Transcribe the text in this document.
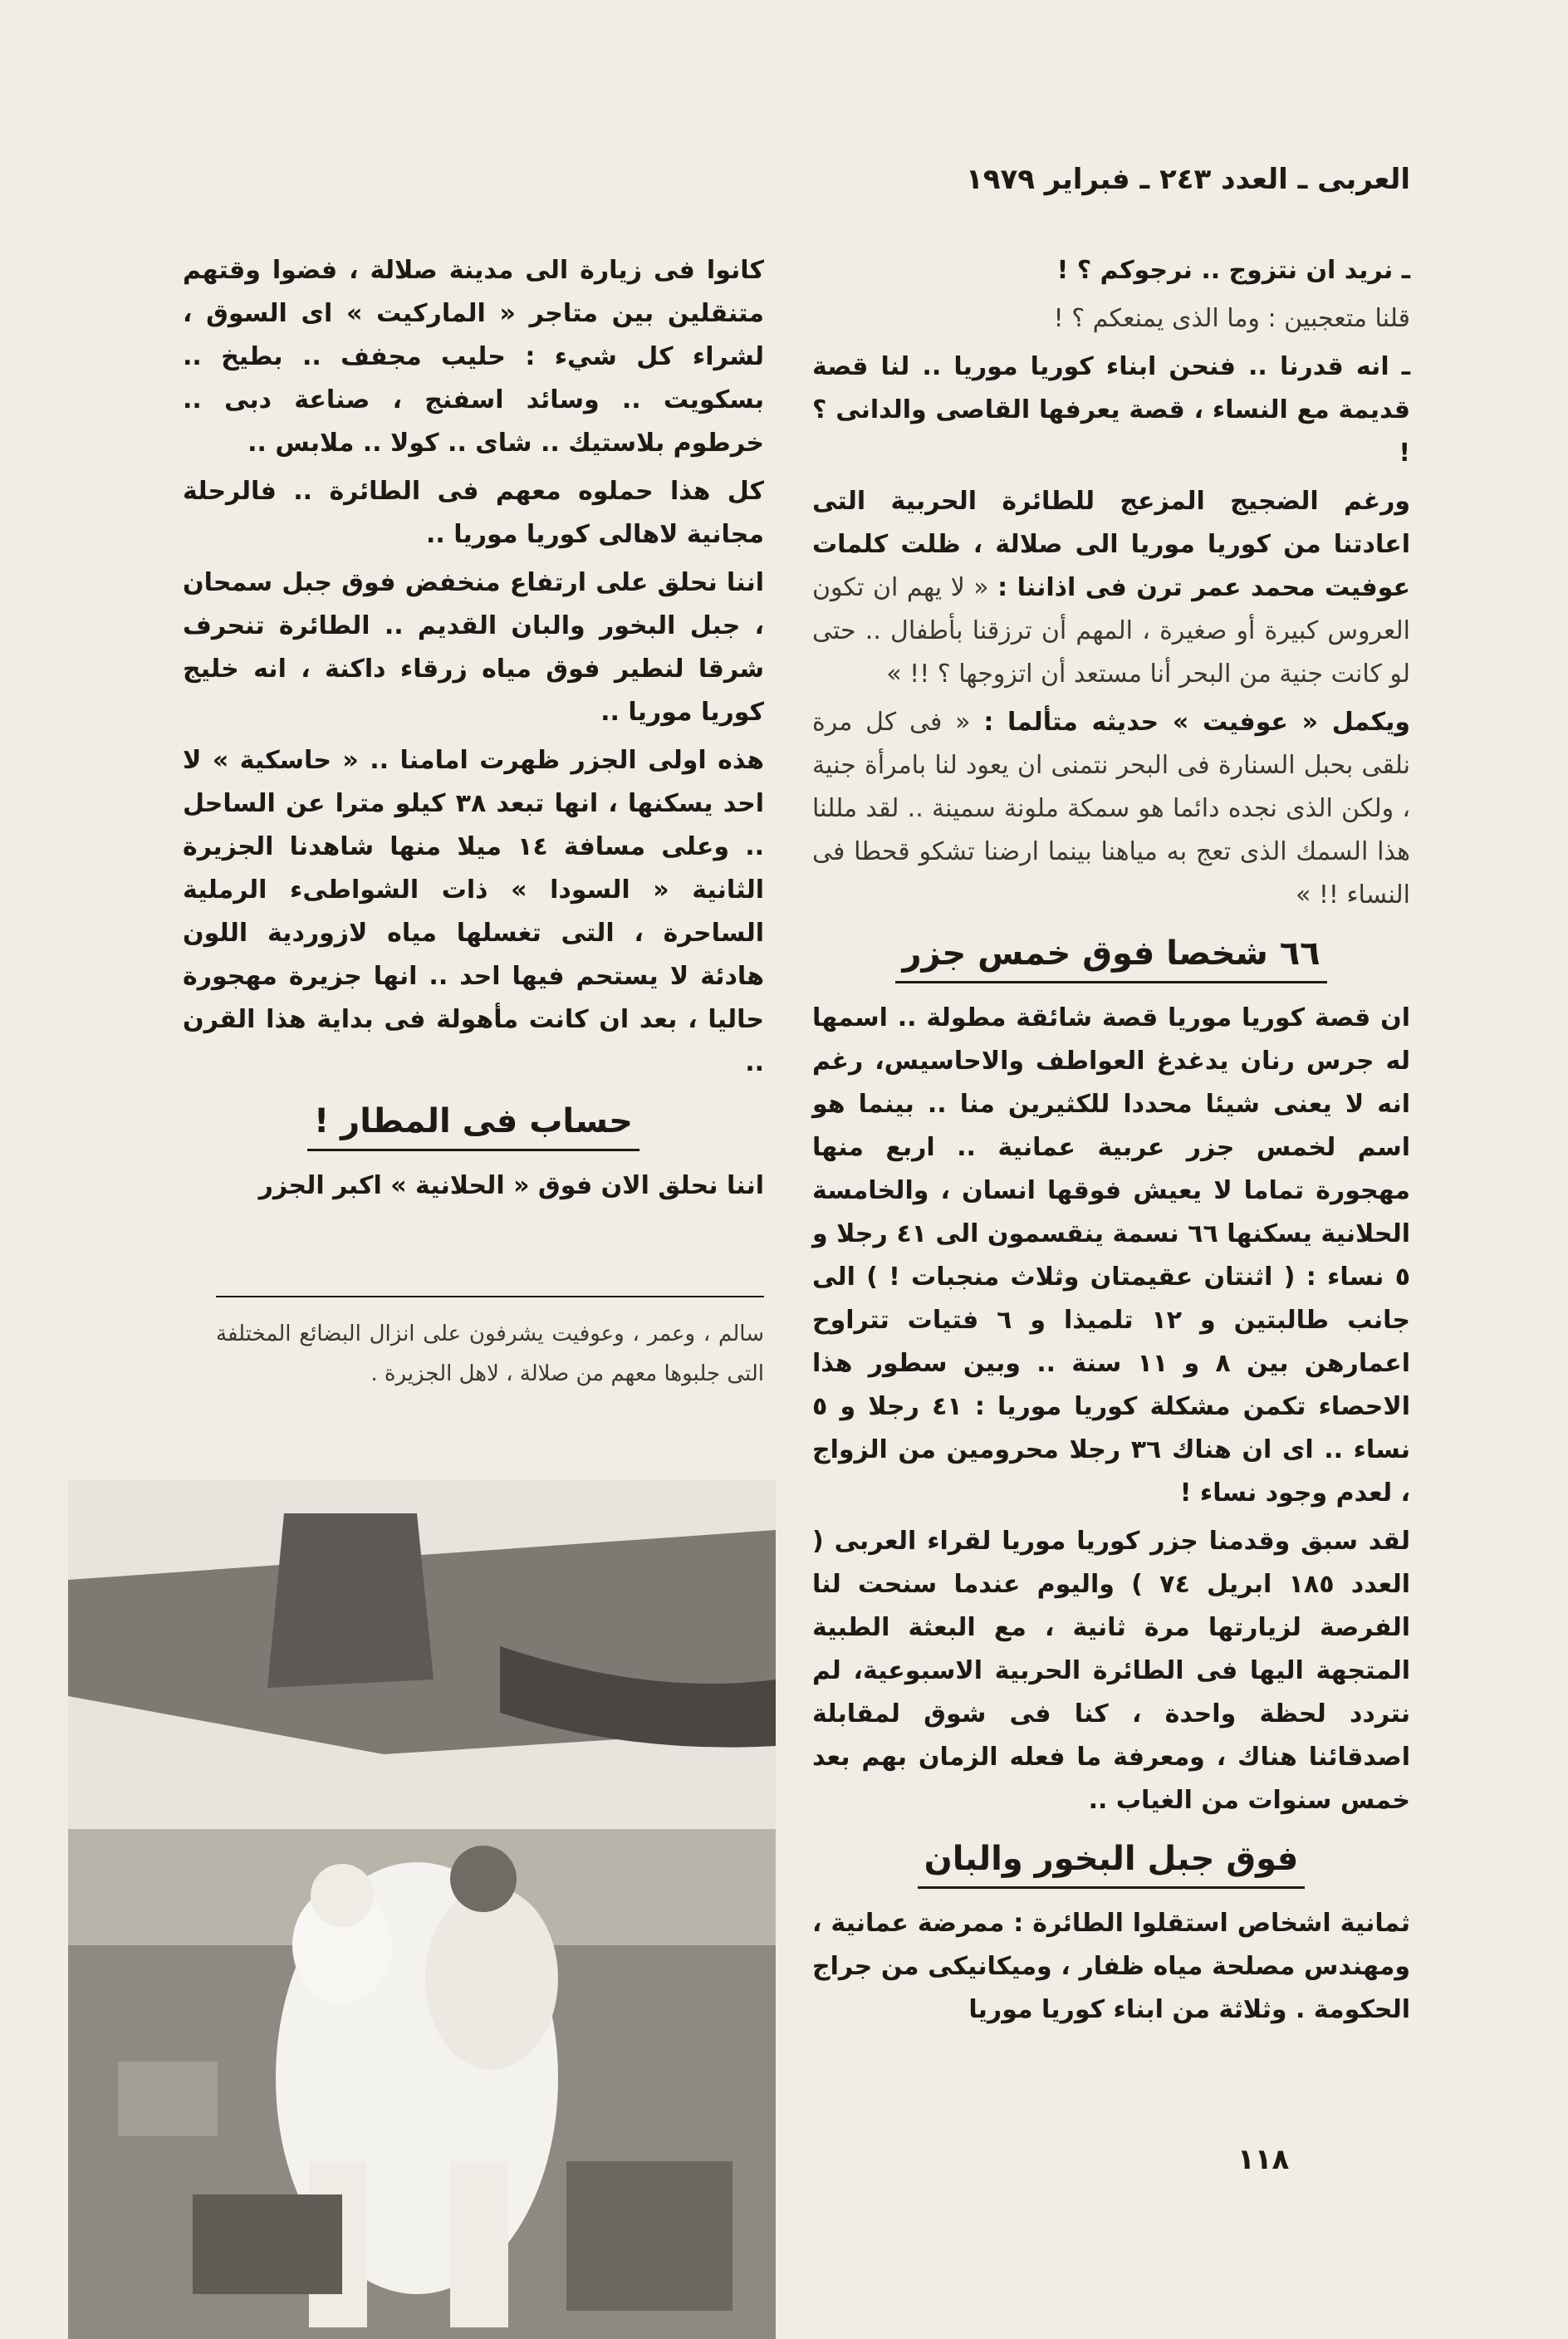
العربى ـ العدد ٢٤٣ ـ فبراير ١٩٧٩

ـ نريد ان نتزوج .. نرجوكم ؟ !

قلنا متعجبين : وما الذى يمنعكم ؟ !

ـ انه قدرنا .. فنحن ابناء كوريا موريا .. لنا قصة قديمة مع النساء ، قصة يعرفها القاصى والدانى ؟ !

ورغم الضجيج المزعج للطائرة الحربية التى اعادتنا من كوريا موريا الى صلالة ، ظلت كلمات عوفيت محمد عمر ترن فى اذاننا : « لا يهم ان تكون العروس كبيرة أو صغيرة ، المهم أن ترزقنا بأطفال .. حتى لو كانت جنية من البحر أنا مستعد أن اتزوجها ؟ !! »

ويكمل « عوفيت » حديثه متألما : « فى كل مرة نلقى بحبل السنارة فى البحر نتمنى ان يعود لنا بامرأة جنية ، ولكن الذى نجده دائما هو سمكة ملونة سمينة .. لقد مللنا هذا السمك الذى تعج به مياهنا بينما ارضنا تشكو قحطا فى النساء !! »

٦٦ شخصا فوق خمس جزر

ان قصة كوريا موريا قصة شائقة مطولة .. اسمها له جرس رنان يدغدغ العواطف والاحاسيس، رغم انه لا يعنى شيئا محددا للكثيرين منا .. بينما هو اسم لخمس جزر عربية عمانية .. اربع منها مهجورة تماما لا يعيش فوقها انسان ، والخامسة الحلانية يسكنها ٦٦ نسمة ينقسمون الى ٤١ رجلا و ٥ نساء : ( اثنتان عقيمتان وثلاث منجبات ! ) الى جانب طالبتين و ١٢ تلميذا و ٦ فتيات تتراوح اعمارهن بين ٨ و ١١ سنة .. وبين سطور هذا الاحصاء تكمن مشكلة كوريا موريا : ٤١ رجلا و ٥ نساء .. اى ان هناك ٣٦ رجلا محرومين من الزواج ، لعدم وجود نساء !

لقد سبق وقدمنا جزر كوريا موريا لقراء العربى ( العدد ١٨٥ ابريل ٧٤ ) واليوم عندما سنحت لنا الفرصة لزيارتها مرة ثانية ، مع البعثة الطبية المتجهة اليها فى الطائرة الحربية الاسبوعية، لم نتردد لحظة واحدة ، كنا فى شوق لمقابلة اصدقائنا هناك ، ومعرفة ما فعله الزمان بهم بعد خمس سنوات من الغياب ..

فوق جبل البخور والبان

ثمانية اشخاص استقلوا الطائرة : ممرضة عمانية ، ومهندس مصلحة مياه ظفار ، وميكانيكى من جراج الحكومة . وثلاثة من ابناء كوريا موريا

كانوا فى زيارة الى مدينة صلالة ، فضوا وقتهم متنقلين بين متاجر « الماركيت » اى السوق ، لشراء كل شيء : حليب مجفف .. بطيخ .. بسكويت .. وسائد اسفنج ، صناعة دبى .. خرطوم بلاستيك .. شاى .. كولا .. ملابس ..

كل هذا حملوه معهم فى الطائرة .. فالرحلة مجانية لاهالى كوريا موريا ..

اننا نحلق على ارتفاع منخفض فوق جبل سمحان ، جبل البخور والبان القديم .. الطائرة تنحرف شرقا لنطير فوق مياه زرقاء داكنة ، انه خليج كوريا موريا ..

هذه اولى الجزر ظهرت امامنا .. « حاسكية » لا احد يسكنها ، انها تبعد ٣٨ كيلو مترا عن الساحل .. وعلى مسافة ١٤ ميلا منها شاهدنا الجزيرة الثانية « السودا » ذات الشواطىء الرملية الساحرة ، التى تغسلها مياه لازوردية اللون هادئة لا يستحم فيها احد .. انها جزيرة مهجورة حاليا ، بعد ان كانت مأهولة فى بداية هذا القرن ..

حساب فى المطار !

اننا نحلق الان فوق « الحلانية » اكبر الجزر

سالم ، وعمر ، وعوفيت يشرفون على انزال البضائع المختلفة التى جلبوها معهم من صلالة ، لاهل الجزيرة .
١١٨
